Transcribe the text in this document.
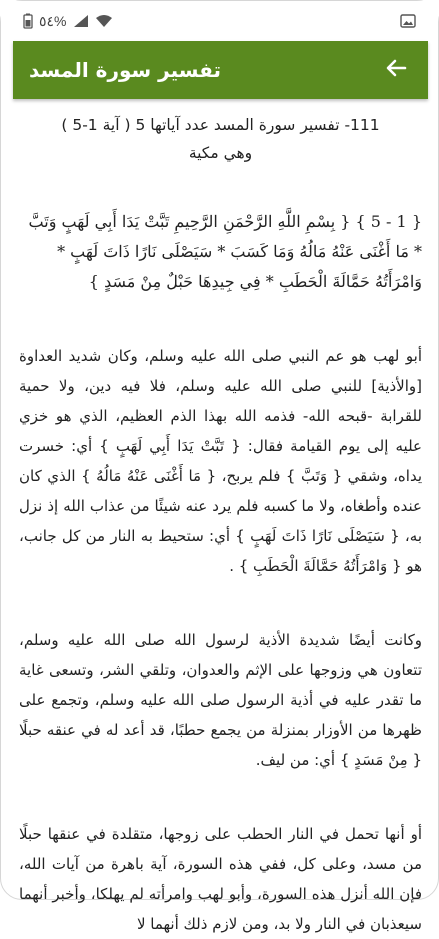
٥٤%
تفسير سورة المسد
111- تفسير سورة المسد عدد آياتها 5 ( آية 1-5 )
وهي مكية

{ 1 - 5 } { بِسْمِ اللَّهِ الرَّحْمَنِ الرَّحِيمِ تَبَّتْ يَدَا أَبِي لَهَبٍ وَتَبَّ * مَا أَغْنَى عَنْهُ مَالُهُ وَمَا كَسَبَ * سَيَصْلَى نَارًا ذَاتَ لَهَبٍ * وَامْرَأَتُهُ حَمَّالَةَ الْحَطَبِ * فِي جِيدِهَا حَبْلٌ مِنْ مَسَدٍ }

أبو لهب هو عم النبي صلى الله عليه وسلم، وكان شديد العداوة [والأذية] للنبي صلى الله عليه وسلم، فلا فيه دين، ولا حمية للقرابة -قبحه الله- فذمه الله بهذا الذم العظيم، الذي هو خزي عليه إلى يوم القيامة فقال: { تَبَّتْ يَدَا أَبِي لَهَبٍ } أي: خسرت يداه، وشقي { وَتَبَّ } فلم يربح، { مَا أَغْنَى عَنْهُ مَالُهُ } الذي كان عنده وأطغاه، ولا ما كسبه فلم يرد عنه شيئًا من عذاب الله إذ نزل به، { سَيَصْلَى نَارًا ذَاتَ لَهَبٍ } أي: ستحيط به النار من كل جانب، هو { وَامْرَأَتُهُ حَمَّالَةَ الْحَطَبِ } .

وكانت أيضًا شديدة الأذية لرسول الله صلى الله عليه وسلم، تتعاون هي وزوجها على الإثم والعدوان، وتلقي الشر، وتسعى غاية ما تقدر عليه في أذية الرسول صلى الله عليه وسلم، وتجمع على ظهرها من الأوزار بمنزلة من يجمع حطبًا، قد أعد له في عنقه حبلًا { مِنْ مَسَدٍ } أي: من ليف.

أو أنها تحمل في النار الحطب على زوجها، متقلدة في عنقها حبلًا من مسد، وعلى كل، ففي هذه السورة، آية باهرة من آيات الله، فإن الله أنزل هذه السورة، وأبو لهب وامرأته لم يهلكا، وأخبر أنهما سيعذبان في النار ولا بد، ومن لازم ذلك أنهما لا
